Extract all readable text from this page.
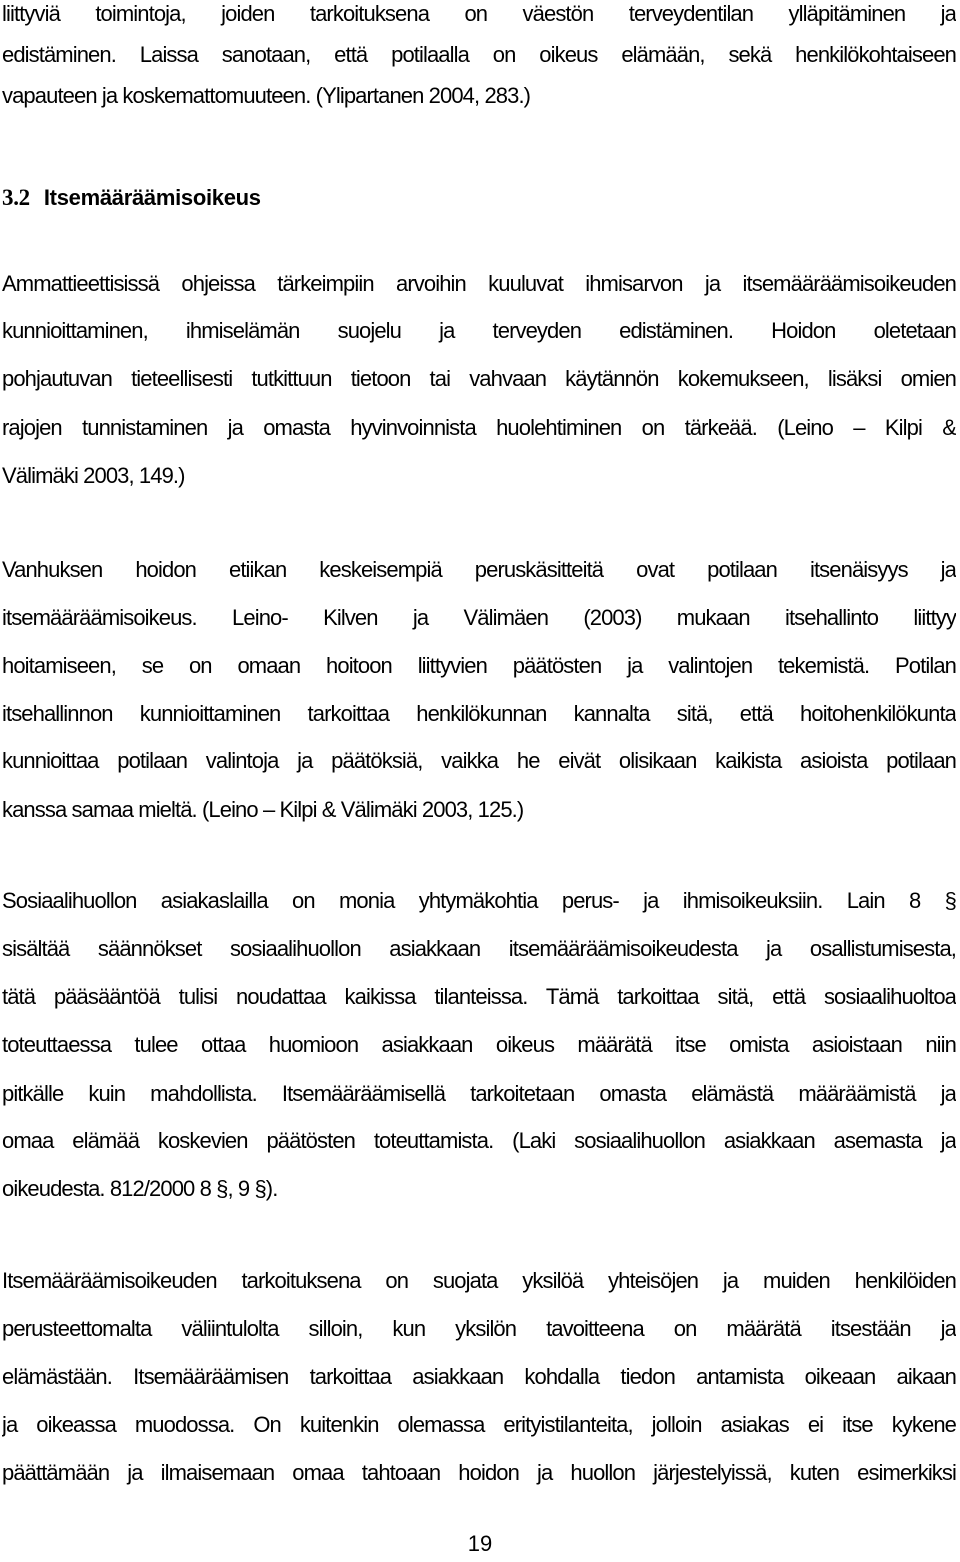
liittyviä toimintoja, joiden tarkoituksena on väestön terveydentilan ylläpitäminen ja
edistäminen. Laissa sanotaan, että potilaalla on oikeus elämään, sekä henkilökohtaiseen
vapauteen ja koskemattomuuteen. (Ylipartanen 2004, 283.)
3.2 Itsemääräämisoikeus
Ammattieettisissä ohjeissa tärkeimpiin arvoihin kuuluvat ihmisarvon ja itsemääräämisoikeuden
kunnioittaminen, ihmiselämän suojelu ja terveyden edistäminen. Hoidon oletetaan
pohjautuvan tieteellisesti tutkittuun tietoon tai vahvaan käytännön kokemukseen, lisäksi omien
rajojen tunnistaminen ja omasta hyvinvoinnista huolehtiminen on tärkeää. (Leino – Kilpi &
Välimäki 2003, 149.)
Vanhuksen hoidon etiikan keskeisempiä peruskäsitteitä ovat potilaan itsenäisyys ja
itsemääräämisoikeus. Leino- Kilven ja Välimäen (2003) mukaan itsehallinto liittyy
hoitamiseen, se on omaan hoitoon liittyvien päätösten ja valintojen tekemistä. Potilan
itsehallinnon kunnioittaminen tarkoittaa henkilökunnan kannalta sitä, että hoitohenkilökunta
kunnioittaa potilaan valintoja ja päätöksiä, vaikka he eivät olisikaan kaikista asioista potilaan
kanssa samaa mieltä. (Leino – Kilpi & Välimäki 2003, 125.)
Sosiaalihuollon asiakaslailla on monia yhtymäkohtia perus- ja ihmisoikeuksiin. Lain 8 §
sisältää säännökset sosiaalihuollon asiakkaan itsemääräämisoikeudesta ja osallistumisesta,
tätä pääsääntöä tulisi noudattaa kaikissa tilanteissa. Tämä tarkoittaa sitä, että sosiaalihuoltoa
toteuttaessa tulee ottaa huomioon asiakkaan oikeus määrätä itse omista asioistaan niin
pitkälle kuin mahdollista. Itsemääräämisellä tarkoitetaan omasta elämästä määräämistä ja
omaa elämää koskevien päätösten toteuttamista. (Laki sosiaalihuollon asiakkaan asemasta ja
oikeudesta. 812/2000 8 §, 9 §).
Itsemääräämisoikeuden tarkoituksena on suojata yksilöä yhteisöjen ja muiden henkilöiden
perusteettomalta väliintulolta silloin, kun yksilön tavoitteena on määrätä itsestään ja
elämästään. Itsemääräämisen tarkoittaa asiakkaan kohdalla tiedon antamista oikeaan aikaan
ja oikeassa muodossa. On kuitenkin olemassa erityistilanteita, jolloin asiakas ei itse kykene
päättämään ja ilmaisemaan omaa tahtoaan hoidon ja huollon järjestelyissä, kuten esimerkiksi
19
